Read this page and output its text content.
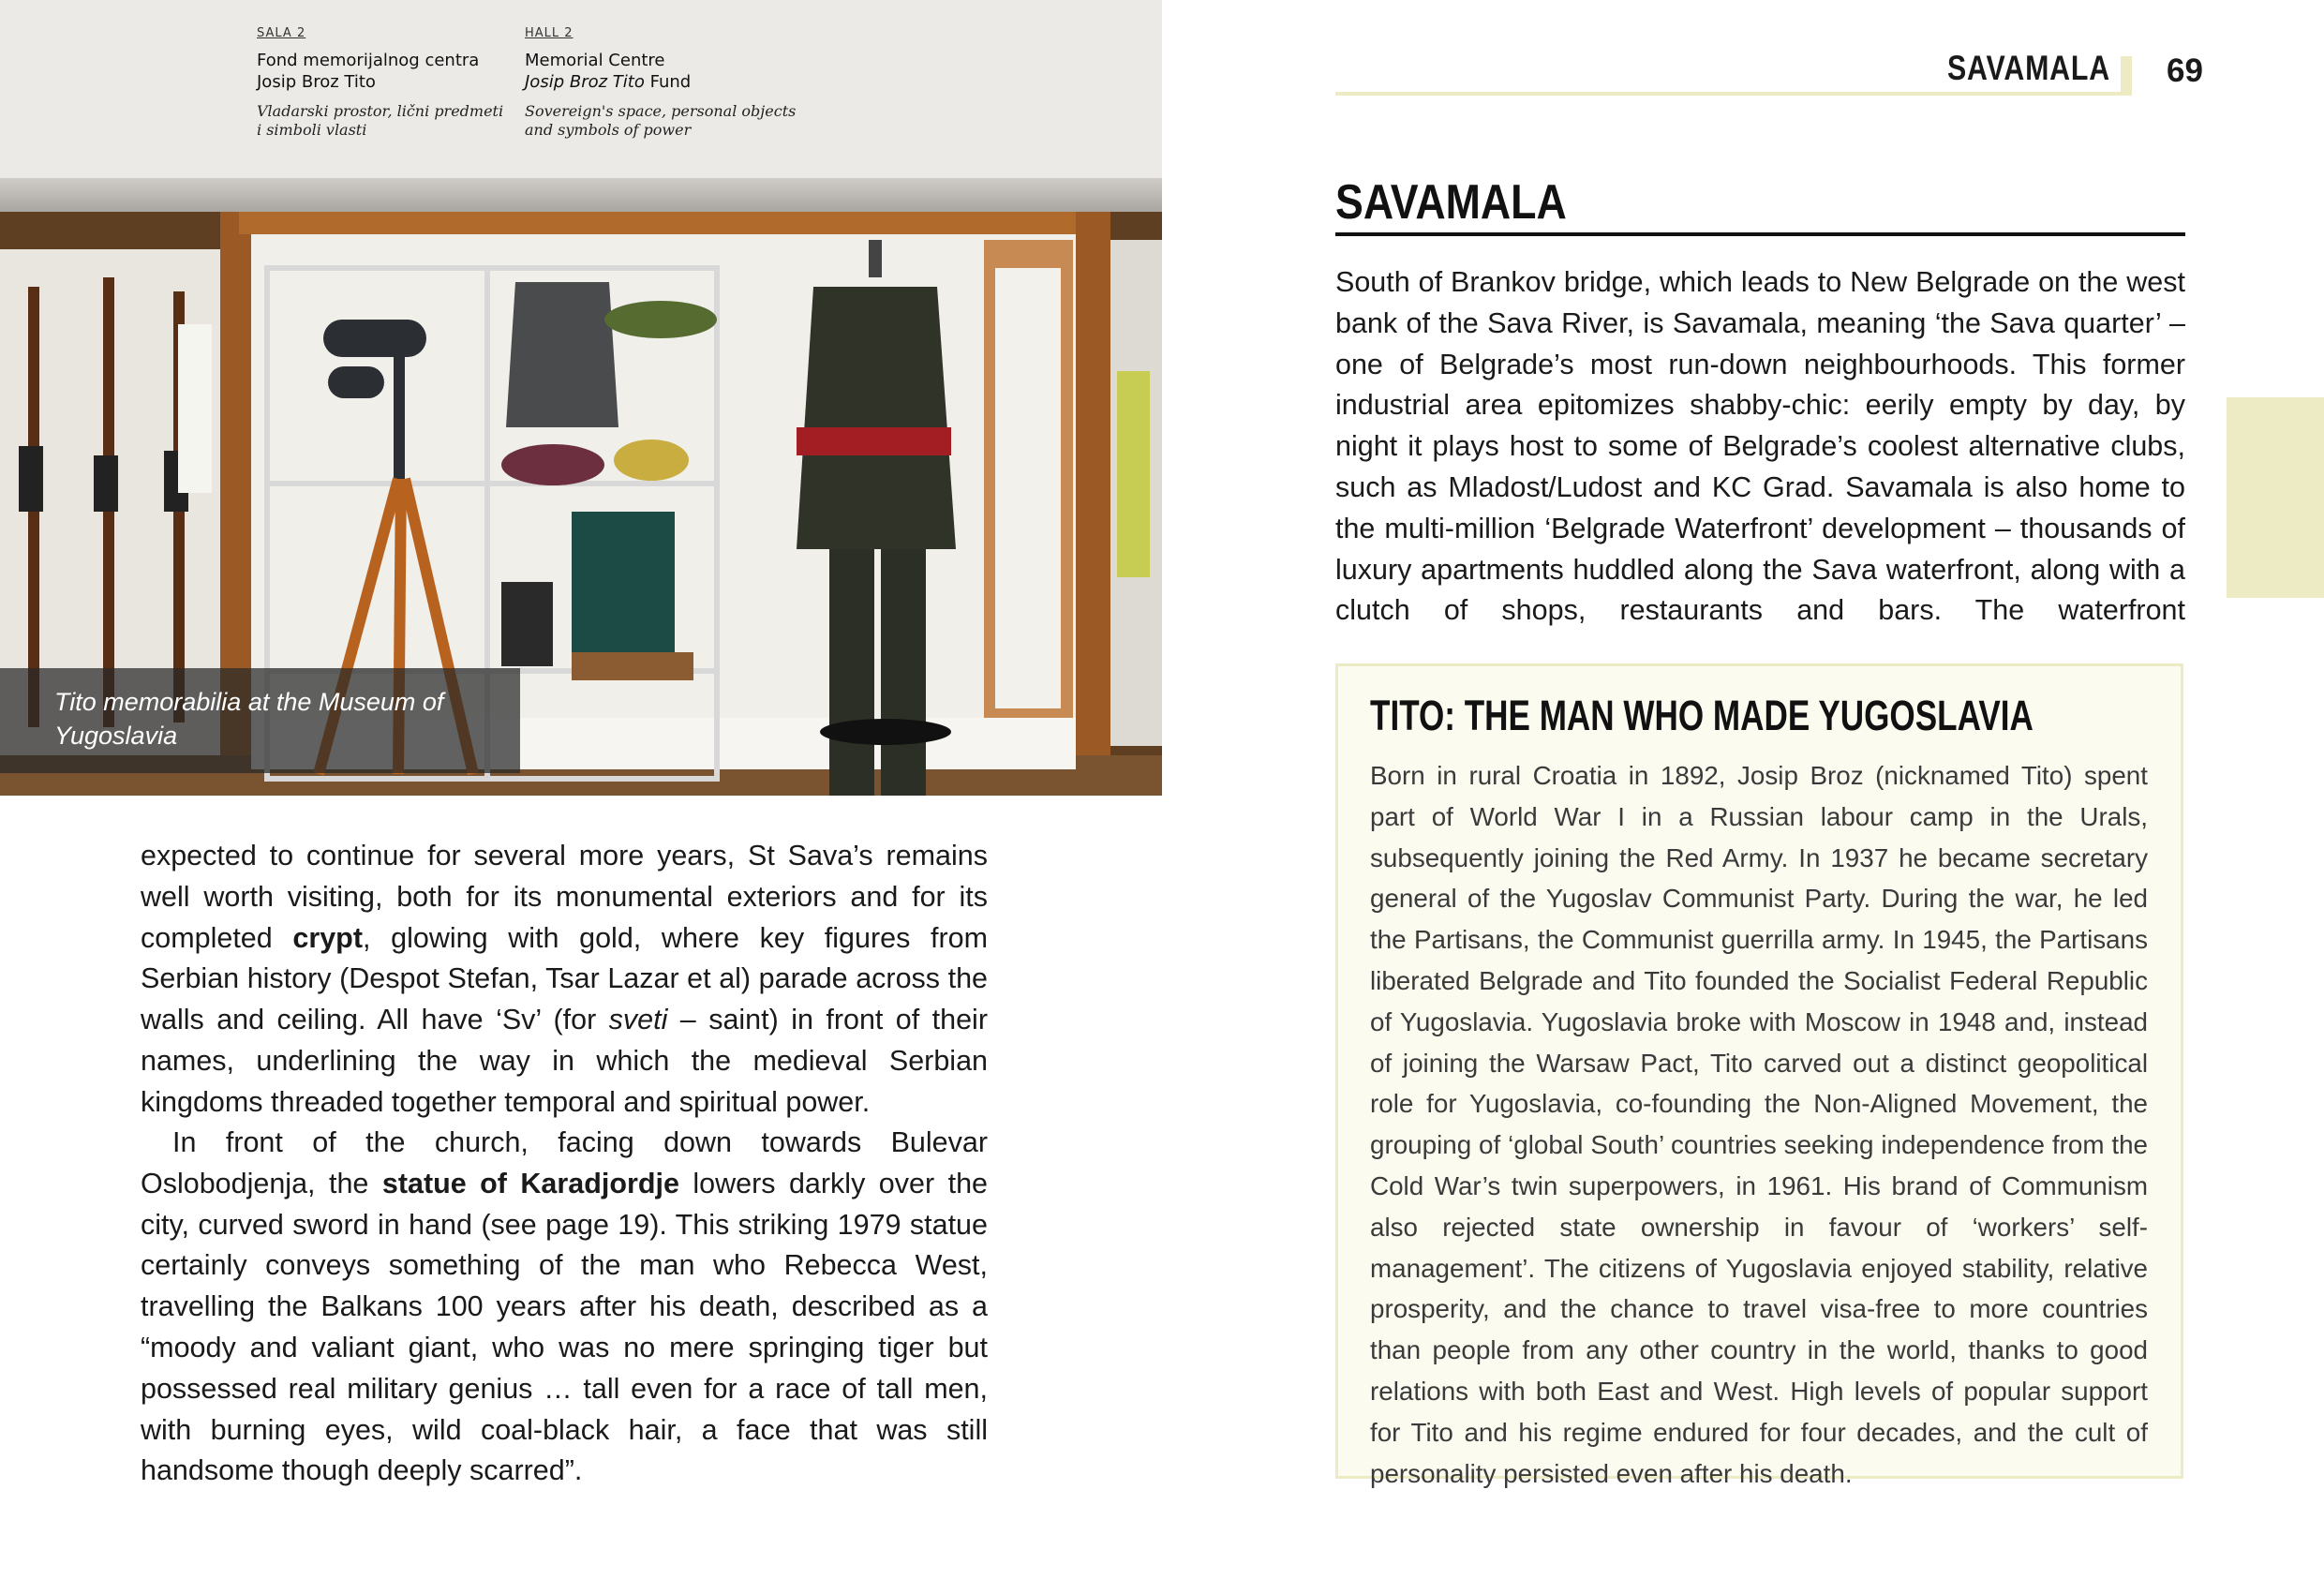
SALA 2
Fond memorijalnog centra
Josip Broz Tito
Vladarski prostor, lični predmeti
i simboli vlasti
HALL 2
Memorial Centre
Josip Broz Tito Fund
Sovereign's space, personal objects
and symbols of power
Tito memorabilia at the Museum of Yugoslavia
SAVAMALA 69
SAVAMALA
South of Brankov bridge, which leads to New Belgrade on the west bank of the Sava River, is Savamala, meaning ‘the Sava quarter’ – one of Belgrade’s most run-down neighbourhoods. This former industrial area epitomizes shabby-chic: eerily empty by day, by night it plays host to some of Belgrade’s coolest alternative clubs, such as Mladost/Ludost and KC Grad. Savamala is also home to the multi-million ‘Belgrade Waterfront’ development – thousands of luxury apartments huddled along the Sava waterfront, along with a clutch of shops, restaurants and bars. The waterfront
TITO: THE MAN WHO MADE YUGOSLAVIA
Born in rural Croatia in 1892, Josip Broz (nicknamed Tito) spent part of World War I in a Russian labour camp in the Urals, subsequently joining the Red Army. In 1937 he became secretary general of the Yugoslav Communist Party. During the war, he led the Partisans, the Communist guerrilla army. In 1945, the Partisans liberated Belgrade and Tito founded the Socialist Federal Republic of Yugoslavia. Yugoslavia broke with Moscow in 1948 and, instead of joining the Warsaw Pact, Tito carved out a distinct geopolitical role for Yugoslavia, co-founding the Non-Aligned Movement, the grouping of ‘global South’ countries seeking independence from the Cold War’s twin superpowers, in 1961. His brand of Communism also rejected state ownership in favour of ‘workers’ self-management’. The citizens of Yugoslavia enjoyed stability, relative prosperity, and the chance to travel visa-free to more countries than people from any other country in the world, thanks to good relations with both East and West. High levels of popular support for Tito and his regime endured for four decades, and the cult of personality persisted even after his death.
expected to continue for several more years, St Sava’s remains well worth visiting, both for its monumental exteriors and for its completed crypt, glowing with gold, where key figures from Serbian history (Despot Stefan, Tsar Lazar et al) parade across the walls and ceiling. All have ‘Sv’ (for sveti – saint) in front of their names, underlining the way in which the medieval Serbian kingdoms threaded together temporal and spiritual power.
In front of the church, facing down towards Bulevar Oslobodjenja, the statue of Karadjordje lowers darkly over the city, curved sword in hand (see page 19). This striking 1979 statue certainly conveys something of the man who Rebecca West, travelling the Balkans 100 years after his death, described as a “moody and valiant giant, who was no mere springing tiger but possessed real military genius … tall even for a race of tall men, with burning eyes, wild coal-black hair, a face that was still handsome though deeply scarred”.
